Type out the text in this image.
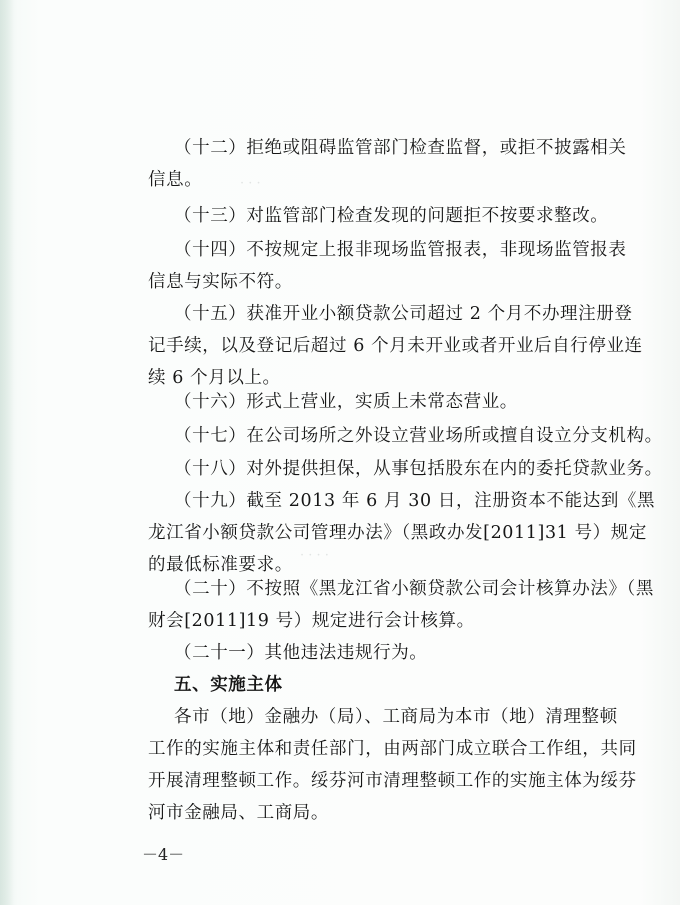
· · ·
· · · ·
（十二）拒绝或阻碍监管部门检查监督，或拒不披露相关
信息。
（十三）对监管部门检查发现的问题拒不按要求整改。
（十四）不按规定上报非现场监管报表，非现场监管报表
信息与实际不符。
（十五）获准开业小额贷款公司超过 2 个月不办理注册登
记手续，以及登记后超过 6 个月未开业或者开业后自行停业连
续 6 个月以上。
（十六）形式上营业，实质上未常态营业。
（十七）在公司场所之外设立营业场所或擅自设立分支机构。
（十八）对外提供担保，从事包括股东在内的委托贷款业务。
（十九）截至 2013 年 6 月 30 日，注册资本不能达到《黑
龙江省小额贷款公司管理办法》（黑政办发[2011]31 号）规定
的最低标准要求。
（二十）不按照《黑龙江省小额贷款公司会计核算办法》（黑
财会[2011]19 号）规定进行会计核算。
（二十一）其他违法违规行为。
五、实施主体
各市（地）金融办（局）、工商局为本市（地）清理整顿
工作的实施主体和责任部门，由两部门成立联合工作组，共同
开展清理整顿工作。绥芬河市清理整顿工作的实施主体为绥芬
河市金融局、工商局。
－4－
